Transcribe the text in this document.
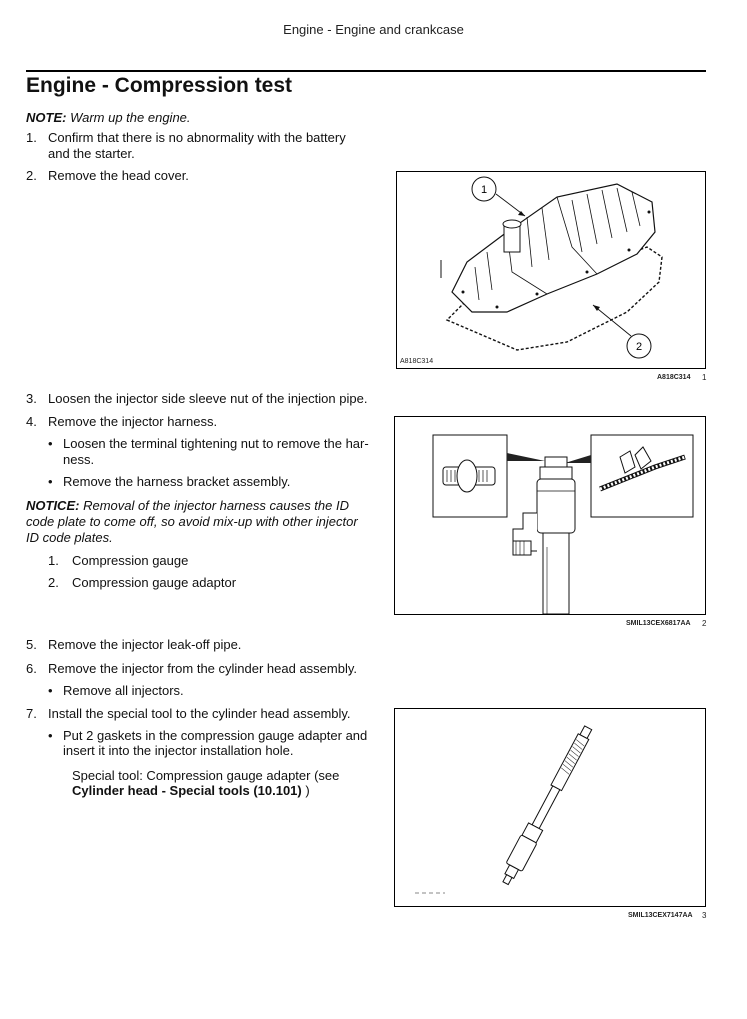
Engine - Engine and crankcase
Engine - Compression test
NOTE: Warm up the engine.
1. Confirm that there is no abnormality with the battery
and the starter.
2. Remove the head cover.
1
2
A818C314
A818C314 1
3. Loosen the injector side sleeve nut of the injection pipe.
4. Remove the injector harness.
• Loosen the terminal tightening nut to remove the har-
ness.
• Remove the harness bracket assembly.
NOTICE: Removal of the injector harness causes the ID
code plate to come off, so avoid mix-up with other injector
ID code plates.
1. Compression gauge
2. Compression gauge adaptor
SMIL13CEX6817AA 2
5. Remove the injector leak-off pipe.
6. Remove the injector from the cylinder head assembly.
• Remove all injectors.
7. Install the special tool to the cylinder head assembly.
• Put 2 gaskets in the compression gauge adapter and
insert it into the injector installation hole.
Special tool: Compression gauge adapter (see
Cylinder head - Special tools (10.101) )
SMIL13CEX7147AA 3
